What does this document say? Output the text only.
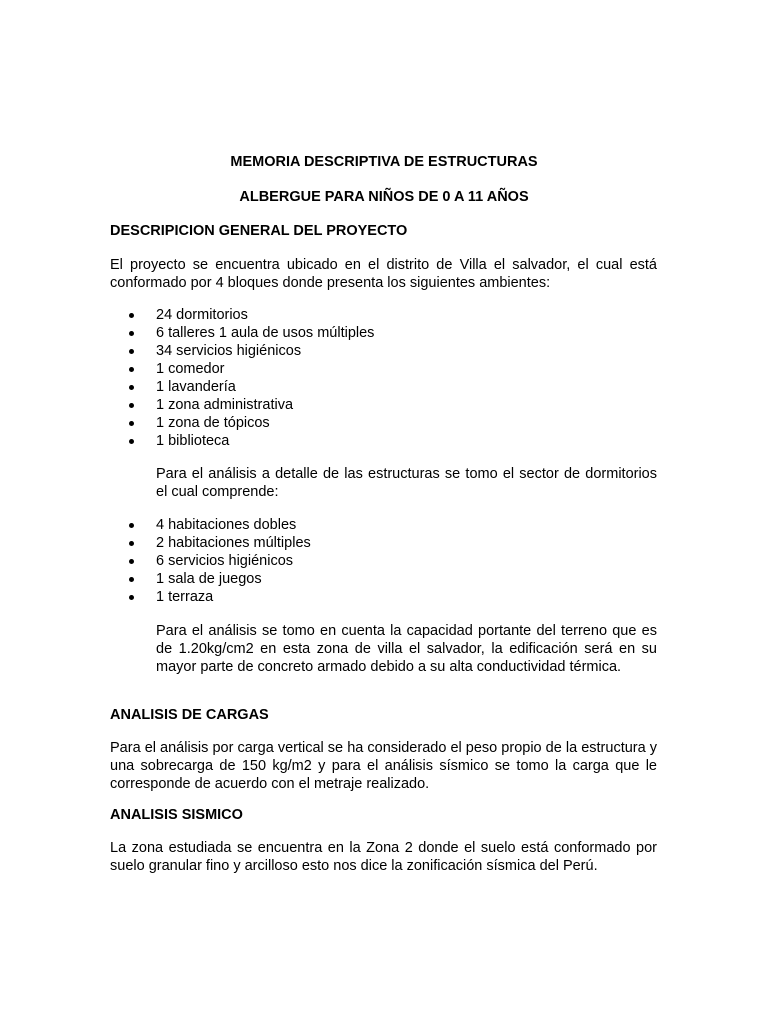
MEMORIA DESCRIPTIVA DE ESTRUCTURAS
ALBERGUE PARA NIÑOS DE 0 A 11 AÑOS
DESCRIPICION GENERAL DEL PROYECTO

El proyecto se encuentra ubicado en el distrito de Villa el salvador, el cual está conformado por 4 bloques donde presenta los siguientes ambientes:

24 dormitorios
6 talleres 1 aula de usos múltiples
34 servicios higiénicos
1 comedor
1 lavandería
1 zona administrativa
1 zona de tópicos
1 biblioteca

Para el análisis a detalle de las estructuras se tomo el sector de dormitorios el cual comprende:

4 habitaciones dobles
2 habitaciones múltiples
6 servicios higiénicos
1 sala de juegos
1 terraza

Para el análisis se tomo en cuenta la capacidad portante del terreno que es de 1.20kg/cm2 en esta zona de villa el salvador, la edificación será en su mayor parte de concreto armado debido a su alta conductividad térmica.

ANALISIS DE CARGAS

Para el análisis por carga vertical se ha considerado el peso propio de la estructura y una sobrecarga de 150 kg/m2 y para el análisis sísmico se tomo la carga que le corresponde de acuerdo con el metraje realizado.

ANALISIS SISMICO

La zona estudiada se encuentra en la Zona 2 donde el suelo está conformado por suelo granular fino y arcilloso esto nos dice la zonificación sísmica del Perú.
